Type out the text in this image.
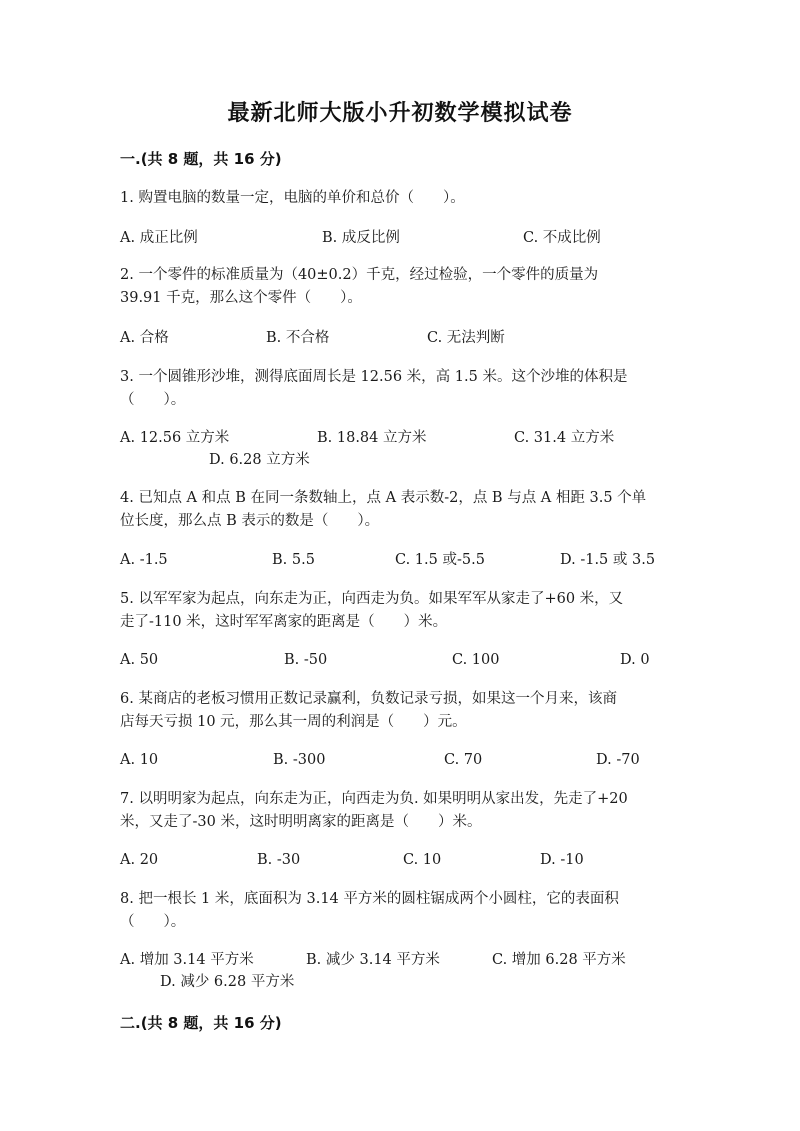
最新北师大版小升初数学模拟试卷
一.(共 8 题，共 16 分)
1. 购置电脑的数量一定，电脑的单价和总价（　　）。
A. 成正比例	B. 成反比例	C. 不成比例
2. 一个零件的标准质量为（40±0.2）千克，经过检验，一个零件的质量为
39.91 千克，那么这个零件（　　）。
A. 合格	B. 不合格	C. 无法判断
3. 一个圆锥形沙堆，测得底面周长是 12.56 米，高 1.5 米。这个沙堆的体积是
（　　）。
A. 12.56 立方米	B. 18.84 立方米	C. 31.4 立方米
D. 6.28 立方米
4. 已知点 A 和点 B 在同一条数轴上，点 A 表示数-2，点 B 与点 A 相距 3.5 个单
位长度，那么点 B 表示的数是（　　）。
A. -1.5	B. 5.5	C. 1.5 或-5.5	D. -1.5 或 3.5
5. 以军军家为起点，向东走为正，向西走为负。如果军军从家走了+60 米，又
走了-110 米，这时军军离家的距离是（　　）米。
A. 50	B. -50	C. 100	D. 0
6. 某商店的老板习惯用正数记录赢利，负数记录亏损，如果这一个月来，该商
店每天亏损 10 元，那么其一周的利润是（　　）元。
A. 10	B. -300	C. 70	D. -70
7. 以明明家为起点，向东走为正，向西走为负. 如果明明从家出发，先走了+20
米，又走了-30 米，这时明明离家的距离是（　　）米。
A. 20	B. -30	C. 10	D. -10
8. 把一根长 1 米，底面积为 3.14 平方米的圆柱锯成两个小圆柱，它的表面积
（　　）。
A. 增加 3.14 平方米	B. 减少 3.14 平方米	C. 增加 6.28 平方米
D. 减少 6.28 平方米
二.(共 8 题，共 16 分)
